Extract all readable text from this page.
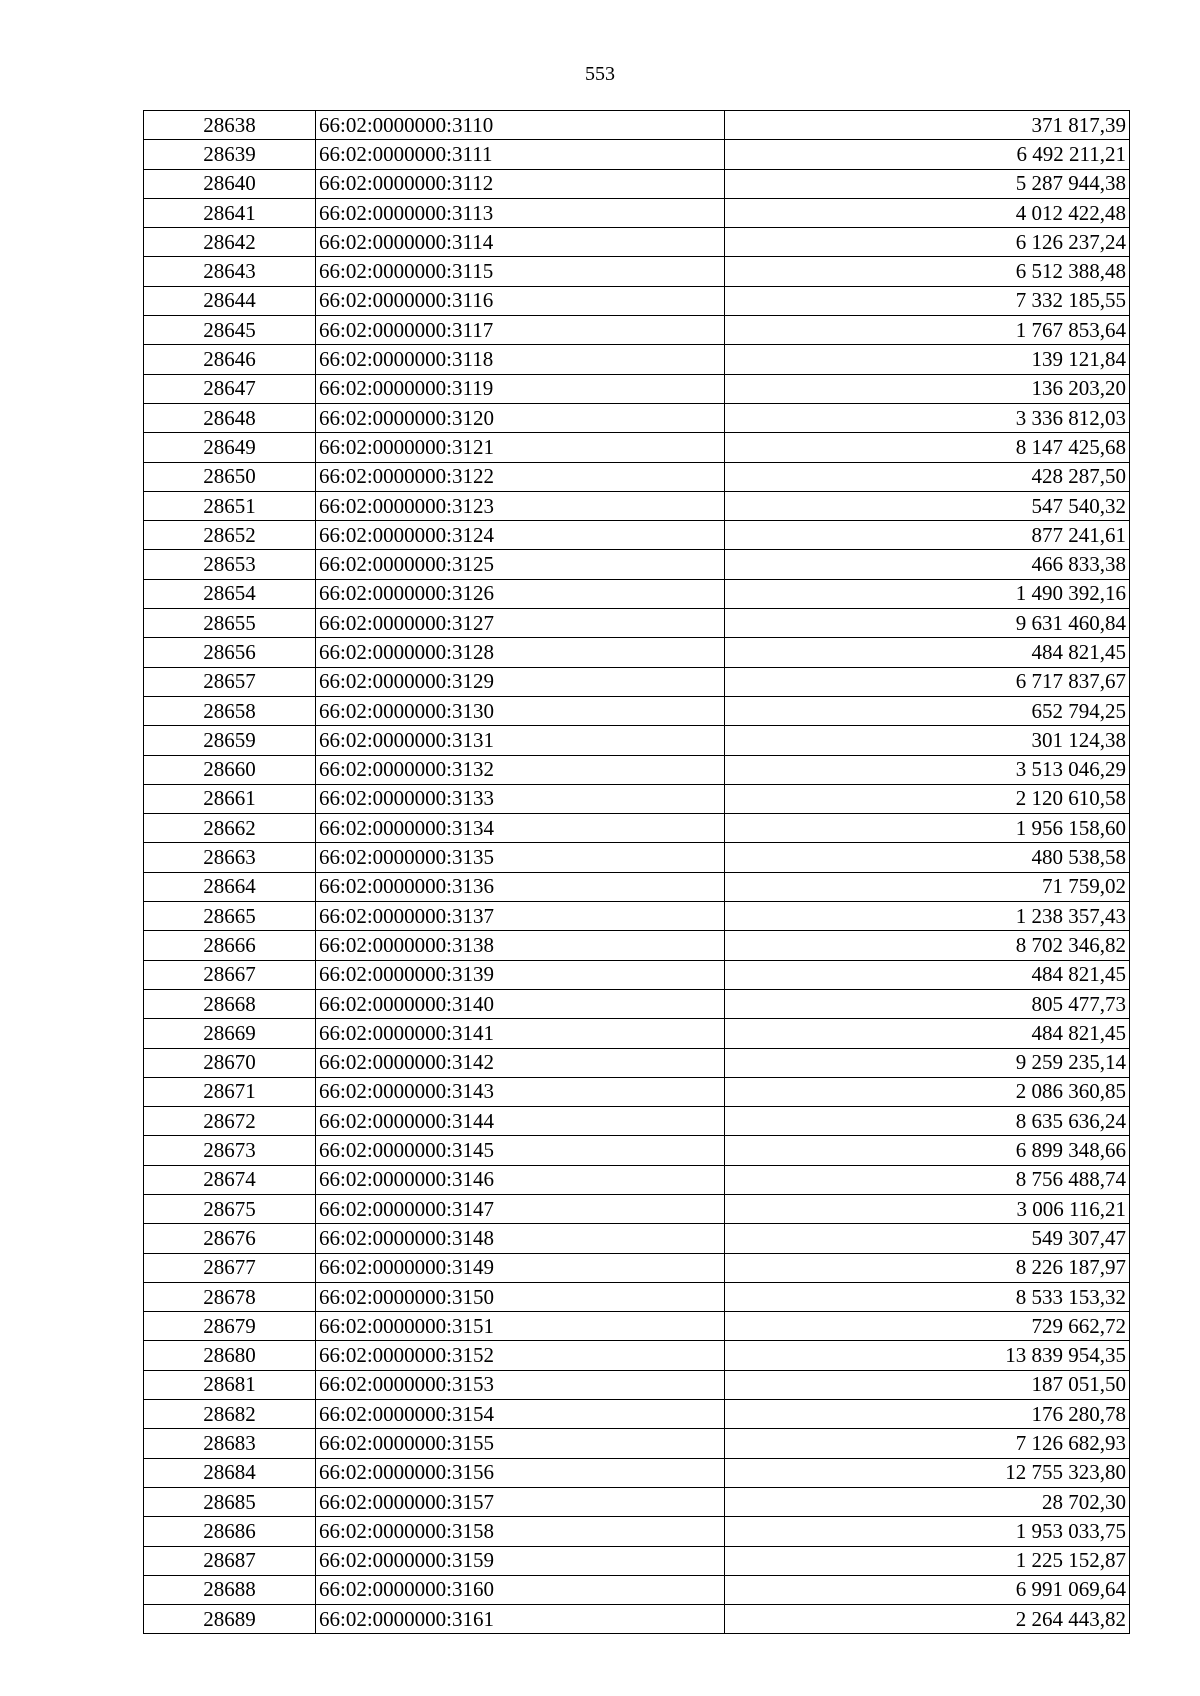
553
28638	66:02:0000000:3110	371 817,39
28639	66:02:0000000:3111	6 492 211,21
28640	66:02:0000000:3112	5 287 944,38
28641	66:02:0000000:3113	4 012 422,48
28642	66:02:0000000:3114	6 126 237,24
28643	66:02:0000000:3115	6 512 388,48
28644	66:02:0000000:3116	7 332 185,55
28645	66:02:0000000:3117	1 767 853,64
28646	66:02:0000000:3118	139 121,84
28647	66:02:0000000:3119	136 203,20
28648	66:02:0000000:3120	3 336 812,03
28649	66:02:0000000:3121	8 147 425,68
28650	66:02:0000000:3122	428 287,50
28651	66:02:0000000:3123	547 540,32
28652	66:02:0000000:3124	877 241,61
28653	66:02:0000000:3125	466 833,38
28654	66:02:0000000:3126	1 490 392,16
28655	66:02:0000000:3127	9 631 460,84
28656	66:02:0000000:3128	484 821,45
28657	66:02:0000000:3129	6 717 837,67
28658	66:02:0000000:3130	652 794,25
28659	66:02:0000000:3131	301 124,38
28660	66:02:0000000:3132	3 513 046,29
28661	66:02:0000000:3133	2 120 610,58
28662	66:02:0000000:3134	1 956 158,60
28663	66:02:0000000:3135	480 538,58
28664	66:02:0000000:3136	71 759,02
28665	66:02:0000000:3137	1 238 357,43
28666	66:02:0000000:3138	8 702 346,82
28667	66:02:0000000:3139	484 821,45
28668	66:02:0000000:3140	805 477,73
28669	66:02:0000000:3141	484 821,45
28670	66:02:0000000:3142	9 259 235,14
28671	66:02:0000000:3143	2 086 360,85
28672	66:02:0000000:3144	8 635 636,24
28673	66:02:0000000:3145	6 899 348,66
28674	66:02:0000000:3146	8 756 488,74
28675	66:02:0000000:3147	3 006 116,21
28676	66:02:0000000:3148	549 307,47
28677	66:02:0000000:3149	8 226 187,97
28678	66:02:0000000:3150	8 533 153,32
28679	66:02:0000000:3151	729 662,72
28680	66:02:0000000:3152	13 839 954,35
28681	66:02:0000000:3153	187 051,50
28682	66:02:0000000:3154	176 280,78
28683	66:02:0000000:3155	7 126 682,93
28684	66:02:0000000:3156	12 755 323,80
28685	66:02:0000000:3157	28 702,30
28686	66:02:0000000:3158	1 953 033,75
28687	66:02:0000000:3159	1 225 152,87
28688	66:02:0000000:3160	6 991 069,64
28689	66:02:0000000:3161	2 264 443,82
